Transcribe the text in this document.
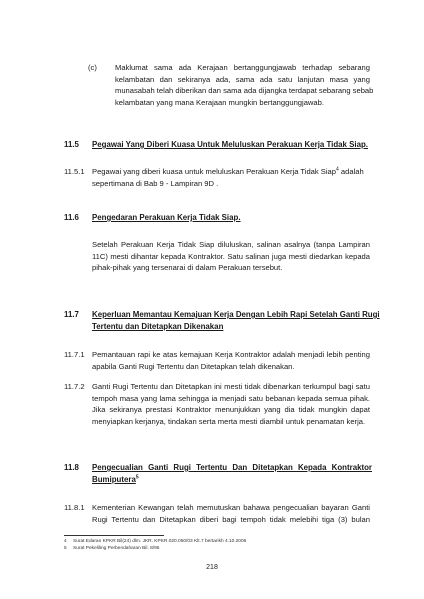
(c) Maklumat sama ada Kerajaan bertanggungjawab terhadap sebarang
kelambatan dan sekiranya ada, sama ada satu lanjutan masa yang
munasabah telah diberikan dan sama ada dijangka terdapat sebarang sebab
kelambatan yang mana Kerajaan mungkin bertanggungjawab.
11.5 Pegawai Yang Diberi Kuasa Untuk Meluluskan Perakuan Kerja Tidak Siap.
11.5.1 Pegawai yang diberi kuasa untuk meluluskan Perakuan Kerja Tidak Siap$^4$ adalah
sepertimana di Bab 9 - Lampiran 9D .
11.6 Pengedaran Perakuan Kerja Tidak Siap.
Setelah Perakuan Kerja Tidak Siap diluluskan, salinan asalnya (tanpa Lampiran
11C) mesti dihantar kepada Kontraktor. Satu salinan juga mesti diedarkan kepada
pihak-pihak yang tersenarai di dalam Perakuan tersebut.
11.7 Keperluan Memantau Kemajuan Kerja Dengan Lebih Rapi Setelah Ganti Rugi
Tertentu dan Ditetapkan Dikenakan
11.7.1 Pemantauan rapi ke atas kemajuan Kerja Kontraktor adalah menjadi lebih penting
apabila Ganti Rugi Tertentu dan Ditetapkan telah dikenakan.
11.7.2 Ganti Rugi Tertentu dan Ditetapkan ini mesti tidak dibenarkan terkumpul bagi satu
tempoh masa yang lama sehingga ia menjadi satu bebanan kepada semua pihak.
Jika sekiranya prestasi Kontraktor menunjukkan yang dia tidak mungkin dapat
menyiapkan kerjanya, tindakan serta merta mesti diambil untuk penamatan kerja.
11.8 Pengecualian Ganti Rugi Tertentu Dan Ditetapkan Kepada Kontraktor
Bumiputera$^5$
11.8.1 Kementerian Kewangan telah memutuskan bahawa pengecualian bayaran Ganti
Rugi Tertentu dan Ditetapkan diberi bagi tempoh tidak melebihi tiga (3) bulan
4 Surat Edaran KPKR Bil(24) dlm. JKR. KPKR.020.050/03 Klt.7 bertarikh 4.10.2006
5 Surat Pekeliling Perbendaharan Bil. 8/95
218
